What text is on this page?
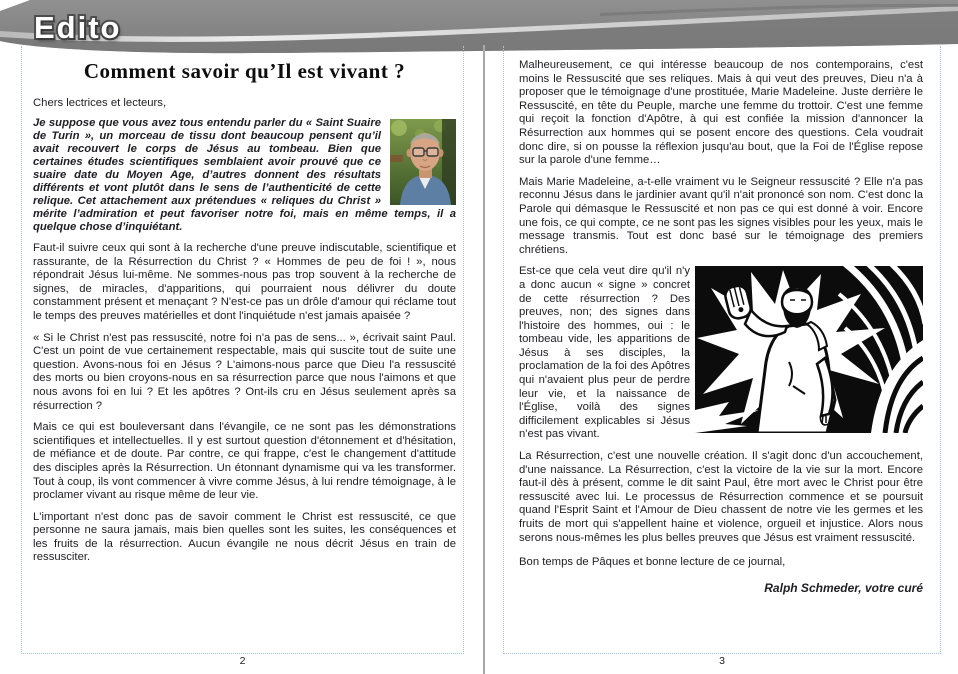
Edito
Comment savoir qu’Il est vivant ?
Chers lectrices et lecteurs,

Je suppose que vous avez tous entendu parler du « Saint Suaire de Turin », un morceau de tissu dont beaucoup pensent qu’il avait recouvert le corps de Jésus au tombeau. Bien que certaines études scientifiques semblaient avoir prouvé que ce suaire date du Moyen Age, d’autres donnent des résultats différents et vont plutôt dans le sens de l’authenticité de cette relique. Cet attachement aux prétendues « reliques du Christ » mérite l’admiration et peut favoriser notre foi, mais en même temps, il a quelque chose d’inquiétant.

Faut-il suivre ceux qui sont à la recherche d'une preuve indiscutable, scientifique et rassurante, de la Résurrection du Christ ? « Hommes de peu de foi ! », nous répondrait Jésus lui-même. Ne sommes-nous pas trop souvent à la recherche de signes, de miracles, d'apparitions, qui pourraient nous délivrer du doute constamment présent et menaçant ? N'est-ce pas un drôle d'amour qui réclame tout le temps des preuves matérielles et dont l'inquiétude n'est jamais apaisée ?

« Si le Christ n'est pas ressuscité, notre foi n'a pas de sens... », écrivait saint Paul. C'est un point de vue certainement respectable, mais qui suscite tout de suite une question. Avons-nous foi en Jésus ? L'aimons-nous parce que Dieu l'a ressuscité des morts ou bien croyons-nous en sa résurrection parce que nous l'aimons et que nous avons foi en lui ? Et les apôtres ? Ont-ils cru en Jésus seulement après sa résurrection ?

Mais ce qui est bouleversant dans l'évangile, ce ne sont pas les démonstrations scientifiques et intellectuelles. Il y est surtout question d'étonnement et d'hésitation, de méfiance et de doute. Par contre, ce qui frappe, c'est le changement d'attitude des disciples après la Résurrection. Un étonnant dynamisme qui va les transformer. Tout à coup, ils vont commencer à vivre comme Jésus, à lui rendre témoignage, à le proclamer vivant au risque même de leur vie.

L'important n'est donc pas de savoir comment le Christ est ressuscité, ce que personne ne saura jamais, mais bien quelles sont les suites, les conséquences et les fruits de la résurrection. Aucun évangile ne nous décrit Jésus en train de ressusciter.

2

Malheureusement, ce qui intéresse beaucoup de nos contemporains, c'est moins le Ressuscité que ses reliques. Mais à qui veut des preuves, Dieu n'a à proposer que le témoignage d'une prostituée, Marie Madeleine. Juste derrière le Ressuscité, en tête du Peuple, marche une femme du trottoir. C'est une femme qui reçoit la fonction d'Apôtre, à qui est confiée la mission d'annoncer la Résurrection aux hommes qui se posent encore des questions. Cela voudrait donc dire, si on pousse la réflexion jusqu'au bout, que la Foi de l'Église repose sur la parole d'une femme…

Mais Marie Madeleine, a-t-elle vraiment vu le Seigneur ressuscité ? Elle n'a pas reconnu Jésus dans le jardinier avant qu'il n'ait prononcé son nom. C'est donc la Parole qui démasque le Ressuscité et non pas ce qui est donné à voir. Encore une fois, ce qui compte, ce ne sont pas les signes visibles pour les yeux, mais le message transmis. Tout est donc basé sur le témoignage des premiers chrétiens.

Est-ce que cela veut dire qu'il n'y a donc aucun « signe » concret de cette résurrection ? Des preuves, non; des signes dans l'histoire des hommes, oui : le tombeau vide, les apparitions de Jésus à ses disciples, la proclamation de la foi des Apôtres qui n'avaient plus peur de perdre leur vie, et la naissance de l'Église, voilà des signes difficilement explicables si Jésus n'est pas vivant.

La Résurrection, c'est une nouvelle création. Il s'agit donc d'un accouchement, d'une naissance. La Résurrection, c'est la victoire de la vie sur la mort. Encore faut-il dès à présent, comme le dit saint Paul, être mort avec le Christ pour être ressuscité avec lui. Le processus de Résurrection commence et se poursuit quand l'Esprit Saint et l'Amour de Dieu chassent de notre vie les germes et les fruits de mort qui s'appellent haine et violence, orgueil et injustice. Alors nous serons nous-mêmes les plus belles preuves que Jésus est vraiment ressuscité.

Bon temps de Pâques et bonne lecture de ce journal,
Ralph Schmeder, votre curé
3
